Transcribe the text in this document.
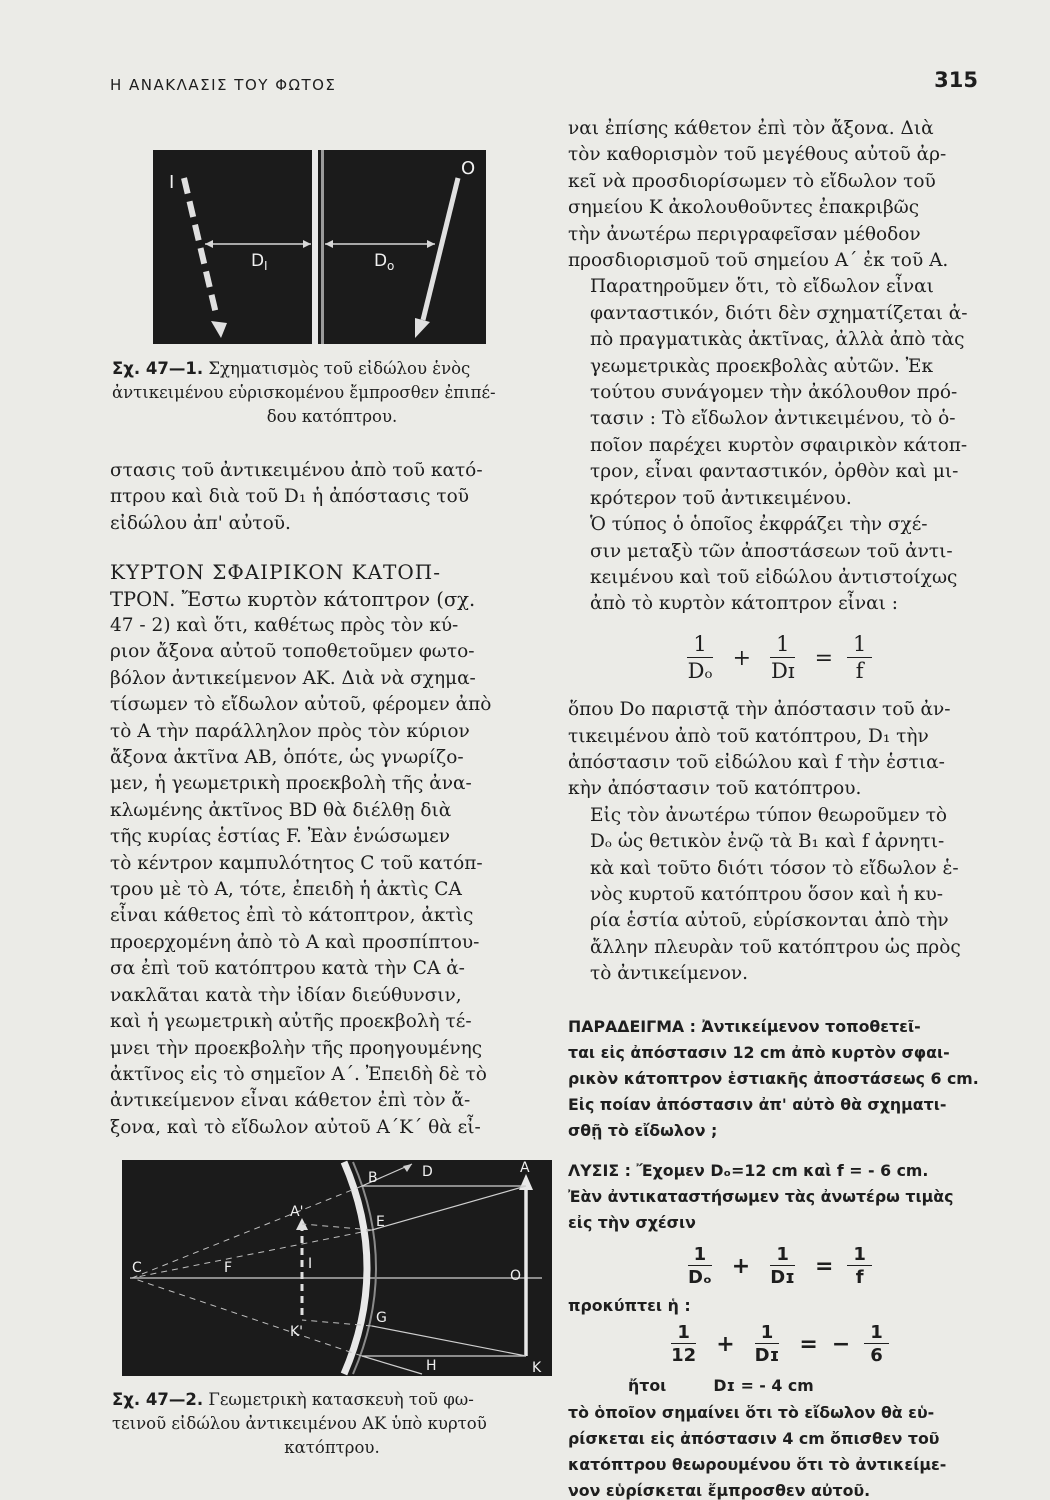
Η ΑΝΑΚΛΑΣΙΣ ΤΟΥ ΦΩΤΟΣ	315
I
O
D I	D o
Σχ. 47—1. Σχηματισμὸς τοῦ εἰδώλου ἑνὸς
ἀντικειμένου εὑρισκομένου ἔμπροσθεν ἐπιπέ-
δου κατόπτρου.
στασις τοῦ ἀντικειμένου ἀπὸ τοῦ κατό-
πτρου καὶ διὰ τοῦ D₁ ἡ ἀπόστασις τοῦ
εἰδώλου ἀπ' αὐτοῦ.
ΚΥΡΤΟΝ ΣΦΑΙΡΙΚΟΝ ΚΑΤΟΠ-
ΤΡΟΝ. Ἔστω κυρτὸν κάτοπτρον (σχ.
47 - 2) καὶ ὅτι, καθέτως πρὸς τὸν κύ-
ριον ἄξονα αὐτοῦ τοποθετοῦμεν φωτο-
βόλον ἀντικείμενον ΑΚ. Διὰ νὰ σχημα-
τίσωμεν τὸ εἴδωλον αὐτοῦ, φέρομεν ἀπὸ
τὸ Α τὴν παράλληλον πρὸς τὸν κύριον
ἄξονα ἀκτῖνα ΑΒ, ὁπότε, ὡς γνωρίζο-
μεν, ἡ γεωμετρικὴ προεκβολὴ τῆς ἀνα-
κλωμένης ἀκτῖνος BD θὰ διέλθῃ διὰ
τῆς κυρίας ἑστίας F. Ἐὰν ἑνώσωμεν
τὸ κέντρον καμπυλότητος C τοῦ κατόπ-
τρου μὲ τὸ Α, τότε, ἐπειδὴ ἡ ἀκτὶς CA
εἶναι κάθετος ἐπὶ τὸ κάτοπτρον, ἀκτὶς
προερχομένη ἀπὸ τὸ Α καὶ προσπίπτου-
σα ἐπὶ τοῦ κατόπτρου κατὰ τὴν CA ἀ-
νακλᾶται κατὰ τὴν ἰδίαν διεύθυνσιν,
καὶ ἡ γεωμετρικὴ αὐτῆς προεκβολὴ τέ-
μνει τὴν προεκβολὴν τῆς προηγουμένης
ἀκτῖνος εἰς τὸ σημεῖον Α΄. Ἐπειδὴ δὲ τὸ
ἀντικείμενον εἶναι κάθετον ἐπὶ τὸν ἄ-
ξονα, καὶ τὸ εἴδωλον αὐτοῦ Α΄Κ΄ θὰ εἶ-
B	D	A
E
A'
F	I
C
K'
O
K
G
H
Σχ. 47—2. Γεωμετρικὴ κατασκευὴ τοῦ φω-
τεινοῦ εἰδώλου ἀντικειμένου ΑΚ ὑπὸ κυρτοῦ
κατόπτρου.
ναι ἐπίσης κάθετον ἐπὶ τὸν ἄξονα. Διὰ
τὸν καθορισμὸν τοῦ μεγέθους αὐτοῦ ἀρ-
κεῖ νὰ προσδιορίσωμεν τὸ εἴδωλον τοῦ
σημείου Κ ἀκολουθοῦντες ἐπακριβῶς
τὴν ἀνωτέρω περιγραφεῖσαν μέθοδον
προσδιορισμοῦ τοῦ σημείου Α΄ ἐκ τοῦ Α.
Παρατηροῦμεν ὅτι, τὸ εἴδωλον εἶναι
φανταστικόν, διότι δὲν σχηματίζεται ἀ-
πὸ πραγματικὰς ἀκτῖνας, ἀλλὰ ἀπὸ τὰς
γεωμετρικὰς προεκβολὰς αὐτῶν. Ἐκ
τούτου συνάγομεν τὴν ἀκόλουθον πρό-
τασιν : Τὸ εἴδωλον ἀντικειμένου, τὸ ὁ-
ποῖον παρέχει κυρτὸν σφαιρικὸν κάτοπ-
τρον, εἶναι φανταστικόν, ὀρθὸν καὶ μι-
κρότερον τοῦ ἀντικειμένου.
Ὁ τύπος ὁ ὁποῖος ἐκφράζει τὴν σχέ-
σιν μεταξὺ τῶν ἀποστάσεων τοῦ ἀντι-
κειμένου καὶ τοῦ εἰδώλου ἀντιστοίχως
ἀπὸ τὸ κυρτὸν κάτοπτρον εἶναι :
$\frac{1}{\text{Dₒ}} + \frac{1}{\text{Dɪ}} = \frac{1}{f}$
ὅπου Do παριστᾷ τὴν ἀπόστασιν τοῦ ἀν-
τικειμένου ἀπὸ τοῦ κατόπτρου, D₁ τὴν
ἀπόστασιν τοῦ εἰδώλου καὶ f τὴν ἑστια-
κὴν ἀπόστασιν τοῦ κατόπτρου.
Εἰς τὸν ἀνωτέρω τύπον θεωροῦμεν τὸ
Dₒ ὡς θετικὸν ἐνῷ τὰ B₁ καὶ f ἀρνητι-
κὰ καὶ τοῦτο διότι τόσον τὸ εἴδωλον ἑ-
νὸς κυρτοῦ κατόπτρου ὅσον καὶ ἡ κυ-
ρία ἑστία αὐτοῦ, εὑρίσκονται ἀπὸ τὴν
ἄλλην πλευρὰν τοῦ κατόπτρου ὡς πρὸς
τὸ ἀντικείμενον.
ΠΑΡΑΔΕΙΓΜΑ : Ἀντικείμενον τοποθετεῖ-
ται εἰς ἀπόστασιν 12 cm ἀπὸ κυρτὸν σφαι-
ρικὸν κάτοπτρον ἑστιακῆς ἀποστάσεως 6 cm.
Εἰς ποίαν ἀπόστασιν ἀπ' αὐτὸ θὰ σχηματι-
σθῇ τὸ εἴδωλον ;
ΛΥΣΙΣ : Ἔχομεν Dₒ=12 cm καὶ f = - 6 cm.
Ἐὰν ἀντικαταστήσωμεν τὰς ἀνωτέρω τιμὰς
εἰς τὴν σχέσιν
$\frac{1}{\text{Dₒ}} + \frac{1}{\text{Dɪ}} = \frac{1}{f}$
προκύπτει ἡ :
$\frac{1}{12} + \frac{1}{\text{Dɪ}}$ = − $\frac{1}{6}$
ἤτοι	Dɪ = - 4 cm
τὸ ὁποῖον σημαίνει ὅτι τὸ εἴδωλον θὰ εὑ-
ρίσκεται εἰς ἀπόστασιν 4 cm ὄπισθεν τοῦ
κατόπτρου θεωρουμένου ὅτι τὸ ἀντικείμε-
νον εὑρίσκεται ἔμπροσθεν αὐτοῦ.
